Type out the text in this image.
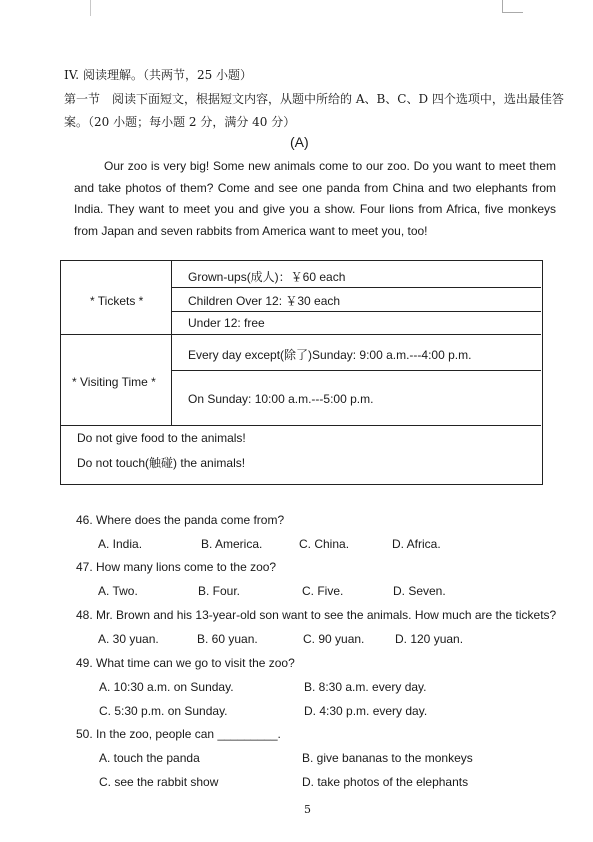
IV. 阅读理解。（共两节，25 小题）
第一节　阅读下面短文，根据短文内容，从题中所给的 A、B、C、D 四个选项中，选出最佳答
案。（20 小题；每小题 2 分，满分 40 分）
(A)
Our zoo is very big! Some new animals come to our zoo. Do you want to meet them and take photos of them? Come and see one panda from China and two elephants from India. They want to meet you and give you a show. Four lions from Africa, five monkeys from Japan and seven rabbits from America want to meet you, too!
* Tickets *
Grown-ups(成人)：￥60 each
Children Over 12: ￥30 each
Under 12: free
* Visiting Time *
Every day except(除了)Sunday: 9:00 a.m.---4:00 p.m.
On Sunday: 10:00 a.m.---5:00 p.m.
Do not give food to the animals!
Do not touch(触碰) the animals!
46. Where does the panda come from?
A. India.	B. America.	C. China.	D. Africa.
47. How many lions come to the zoo?
A. Two.	B. Four.	C. Five.	D. Seven.
48. Mr. Brown and his 13-year-old son want to see the animals. How much are the tickets?
A. 30 yuan.	B. 60 yuan.	C. 90 yuan.	D. 120 yuan.
49. What time can we go to visit the zoo?
A. 10:30 a.m. on Sunday.	B. 8:30 a.m. every day.
C. 5:30 p.m. on Sunday.	D. 4:30 p.m. every day.
50. In the zoo, people can _________.
A. touch the panda	B. give bananas to the monkeys
C. see the rabbit show	D. take photos of the elephants
5
